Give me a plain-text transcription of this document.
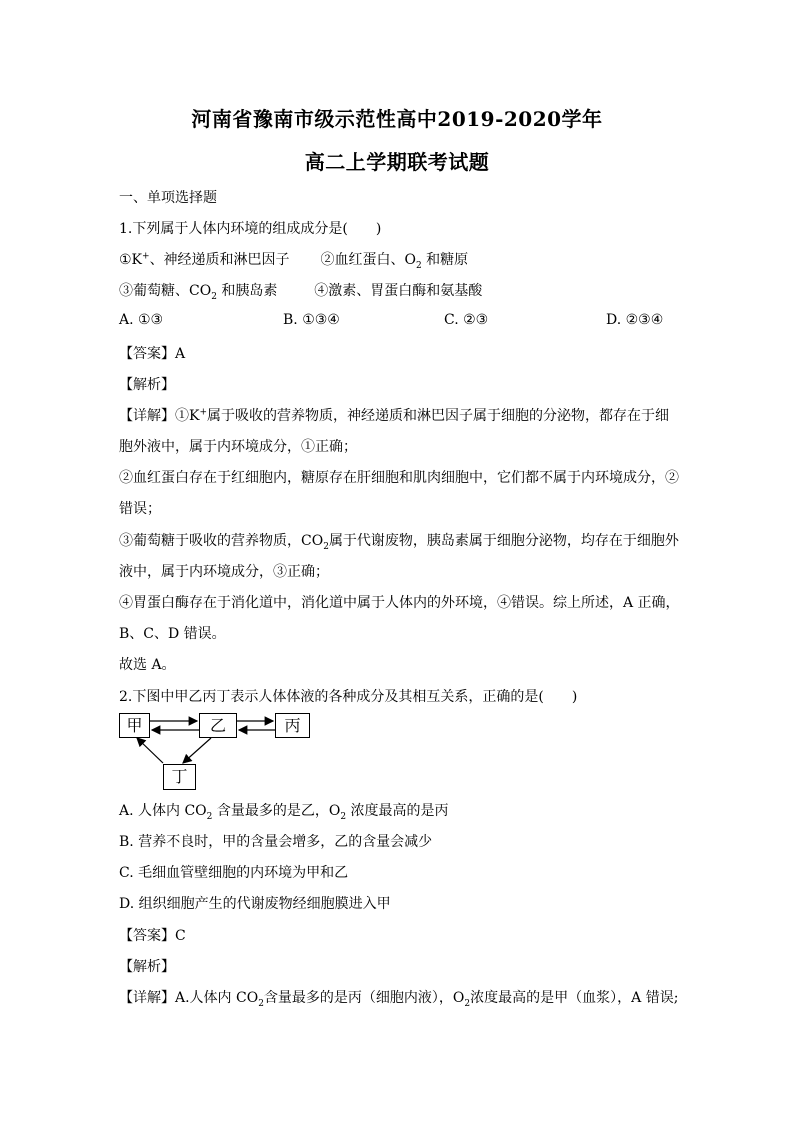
河南省豫南市级示范性高中2019-2020学年
高二上学期联考试题
一、单项选择题
1.下列属于人体内环境的组成成分是(　　)
①K+、神经递质和淋巴因子 ②血红蛋白、$O_2$ 和糖原
③葡萄糖、$CO_2$ 和胰岛素	④激素、胃蛋白酶和氨基酸
A. ①③	B. ①③④	C. ②③	D. ②③④
【答案】A
【解析】
【详解】①K+属于吸收的营养物质，神经递质和淋巴因子属于细胞的分泌物，都存在于细
胞外液中，属于内环境成分，①正确；
②血红蛋白存在于红细胞内，糖原存在肝细胞和肌肉细胞中，它们都不属于内环境成分，②
错误；
③葡萄糖于吸收的营养物质，$CO_2$属于代谢废物，胰岛素属于细胞分泌物，均存在于细胞外
液中，属于内环境成分，③正确；
④胃蛋白酶存在于消化道中，消化道中属于人体内的外环境，④错误。综上所述，A 正确，
B、C、D 错误。
故选 A。
2.下图中甲乙丙丁表示人体体液的各种成分及其相互关系，正确的是(　　)
甲	乙	丙
丁
A. 人体内 $CO_2$ 含量最多的是乙，$O_2$ 浓度最高的是丙
B. 营养不良时，甲的含量会增多，乙的含量会减少
C. 毛细血管壁细胞的内环境为甲和乙
D. 组织细胞产生的代谢废物经细胞膜进入甲
【答案】C
【解析】
【详解】A.人体内 $CO_2$含量最多的是丙（细胞内液），$O_2$浓度最高的是甲（血浆），A 错误;
